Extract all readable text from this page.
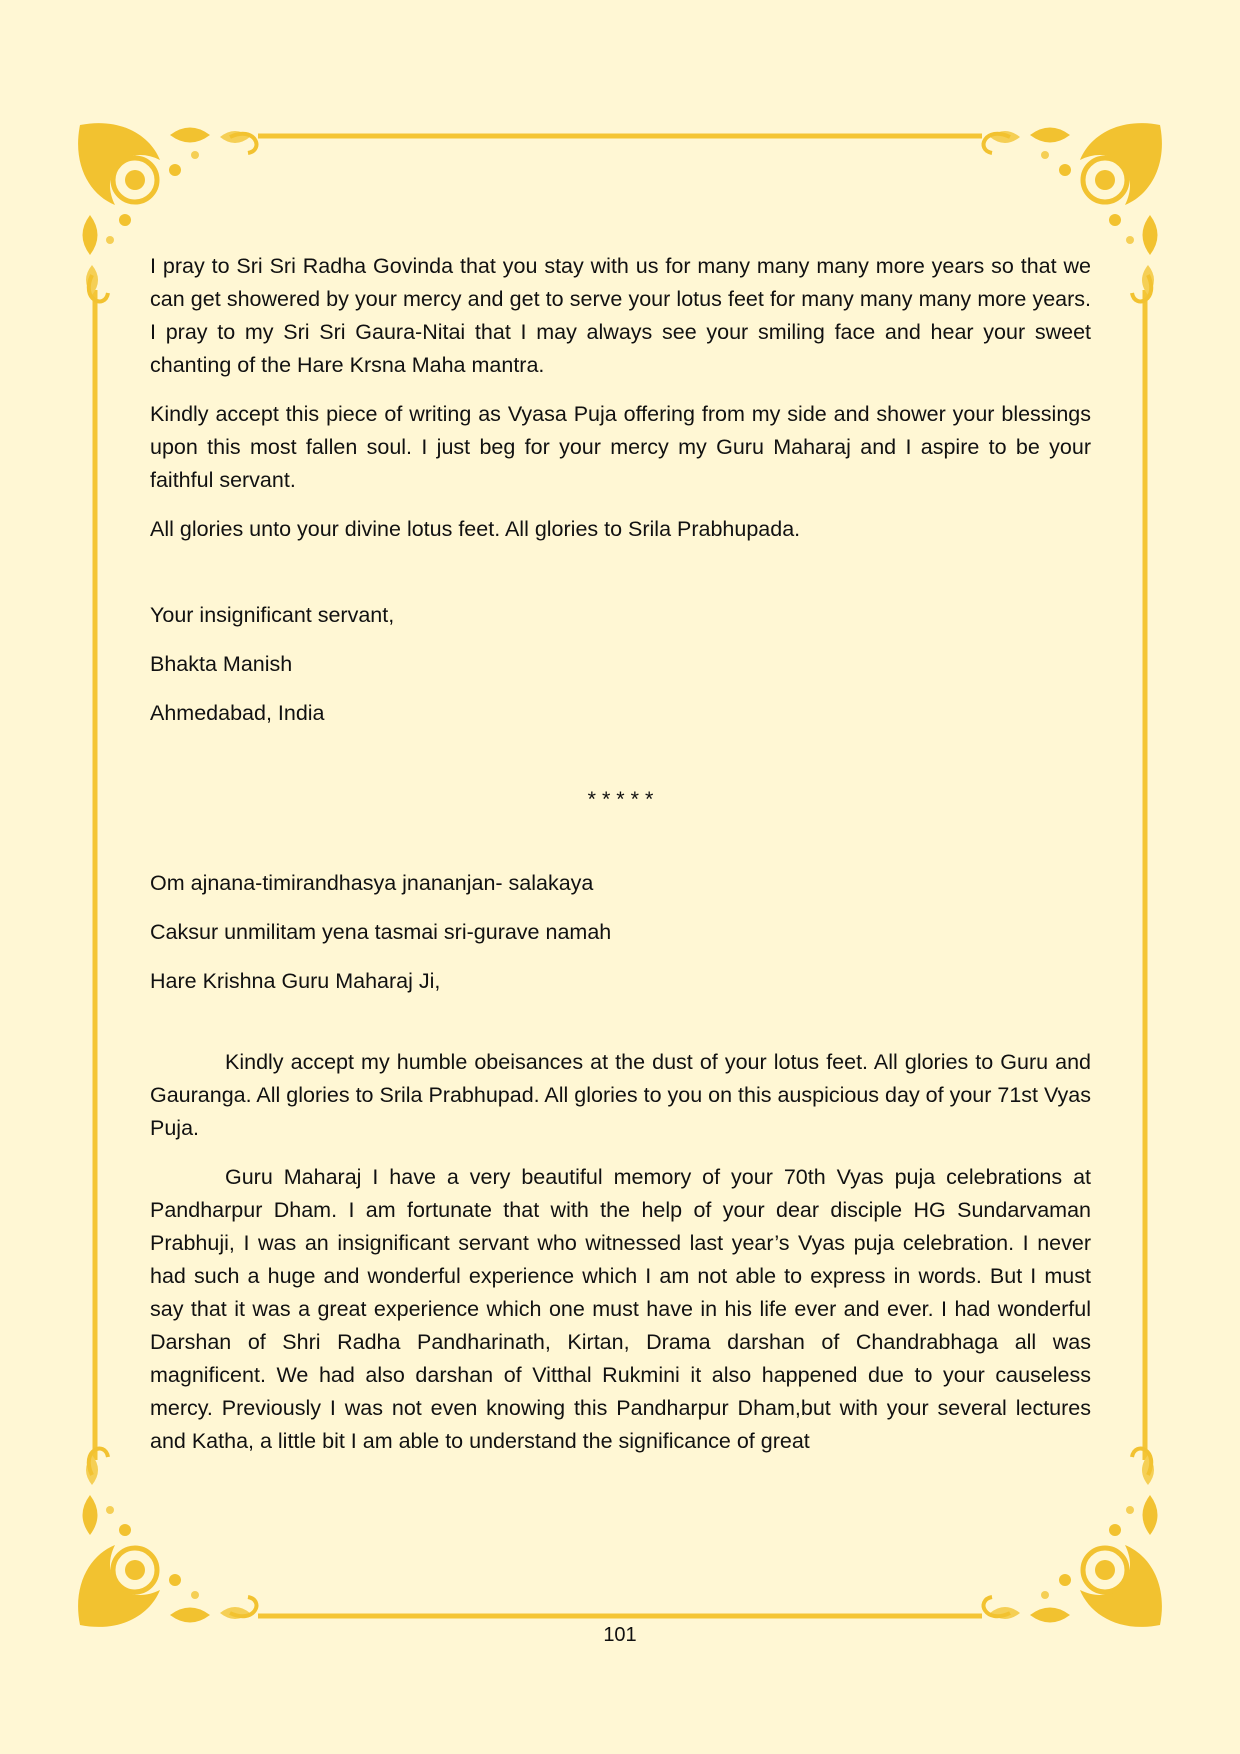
I pray to Sri Sri Radha Govinda that you stay with us for many many many more years so that we can get showered by your mercy and get to serve your lotus feet for many many many more years. I pray to my Sri Sri Gaura-Nitai that I may always see your smiling face and hear your sweet chanting of the Hare Krsna Maha mantra.

Kindly accept this piece of writing as Vyasa Puja offering from my side and shower your blessings upon this most fallen soul. I just beg for your mercy my Guru Maharaj and I aspire to be your faithful servant.

All glories unto your divine lotus feet. All glories to Srila Prabhupada.

Your insignificant servant,

Bhakta Manish

Ahmedabad, India

* * * * *

Om ajnana-timirandhasya jnananjan- salakaya

Caksur unmilitam yena tasmai sri-gurave namah

Hare Krishna Guru Maharaj Ji,

Kindly accept my humble obeisances at the dust of your lotus feet. All glories to Guru and Gauranga. All glories to Srila Prabhupad. All glories to you on this auspicious day of your 71st Vyas Puja.

Guru Maharaj I have a very beautiful memory of your 70th Vyas puja celebrations at Pandharpur Dham. I am fortunate that with the help of your dear disciple HG Sundarvaman Prabhuji, I was an insignificant servant who witnessed last year’s Vyas puja celebration. I never had such a huge and wonderful experience which I am not able to express in words. But I must say that it was a great experience which one must have in his life ever and ever. I had wonderful Darshan of Shri Radha Pandharinath, Kirtan, Drama darshan of Chandrabhaga all was magnificent. We had also darshan of Vitthal Rukmini it also happened due to your causeless mercy. Previously I was not even knowing this Pandharpur Dham,but with your several lectures and Katha, a little bit I am able to understand the significance of great

101
